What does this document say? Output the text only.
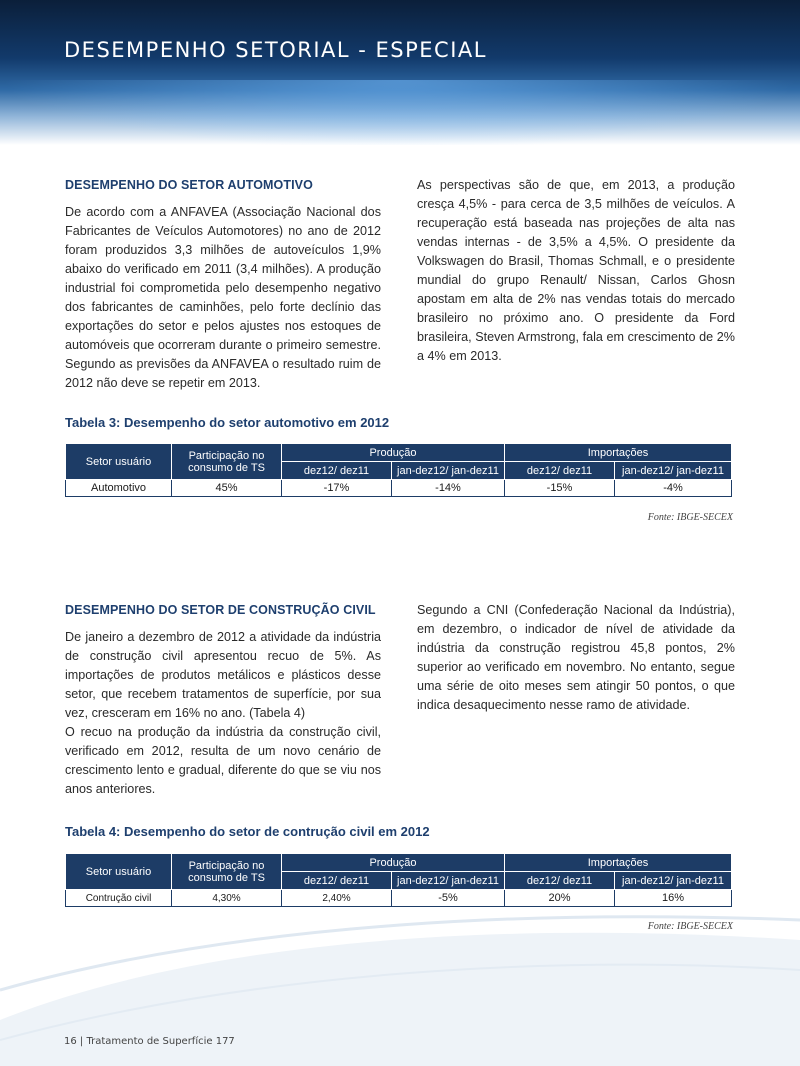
DESEMPENHO SETORIAL - ESPECIAL

DESEMPENHO DO SETOR AUTOMOTIVO

De acordo com a ANFAVEA (Associação Nacional dos Fabricantes de Veículos Automotores) no ano de 2012 foram produzidos 3,3 milhões de autoveículos 1,9% abaixo do verificado em 2011 (3,4 milhões). A produção industrial foi comprometida pelo desempenho negativo dos fabricantes de caminhões, pelo forte declínio das exportações do setor e pelos ajustes nos estoques de automóveis que ocorreram durante o primeiro semestre. Segundo as previsões da ANFAVEA o resultado ruim de 2012 não deve se repetir em 2013.

As perspectivas são de que, em 2013, a produção cresça 4,5% - para cerca de 3,5 milhões de veículos. A recuperação está baseada nas projeções de alta nas vendas internas - de 3,5% a 4,5%. O presidente da Volkswagen do Brasil, Thomas Schmall, e o presidente mundial do grupo Renault/ Nissan, Carlos Ghosn apostam em alta de 2% nas vendas totais do mercado brasileiro no próximo ano. O presidente da Ford brasileira, Steven Armstrong, fala em crescimento de 2% a 4% em 2013.

Tabela 3: Desempenho do setor automotivo em 2012
Setor usuário	Participação no consumo de TS	Produção		Importações	
		dez12/ dez11	jan-dez12/ jan-dez11	dez12/ dez11	jan-dez12/ jan-dez11
Automotivo	45%	-17%	-14%	-15%	-4%
Fonte: IBGE-SECEX

DESEMPENHO DO SETOR DE CONSTRUÇÃO CIVIL

De janeiro a dezembro de 2012 a atividade da indústria de construção civil apresentou recuo de 5%. As importações de produtos metálicos e plásticos desse setor, que recebem tratamentos de superfície, por sua vez, cresceram em 16% no ano. (Tabela 4)

O recuo na produção da indústria da construção civil, verificado em 2012, resulta de um novo cenário de crescimento lento e gradual, diferente do que se viu nos anos anteriores.

Segundo a CNI (Confederação Nacional da Indústria), em dezembro, o indicador de nível de atividade da indústria da construção registrou 45,8 pontos, 2% superior ao verificado em novembro. No entanto, segue uma série de oito meses sem atingir 50 pontos, o que indica desaquecimento nesse ramo de atividade.

Tabela 4: Desempenho do setor de contrução civil em 2012
Setor usuário	Participação no consumo de TS	Produção		Importações	
		dez12/ dez11	jan-dez12/ jan-dez11	dez12/ dez11	jan-dez12/ jan-dez11
Contrução civil	4,30%	2,40%	-5%	20%	16%
Fonte: IBGE-SECEX
16 | Tratamento de Superfície 177
